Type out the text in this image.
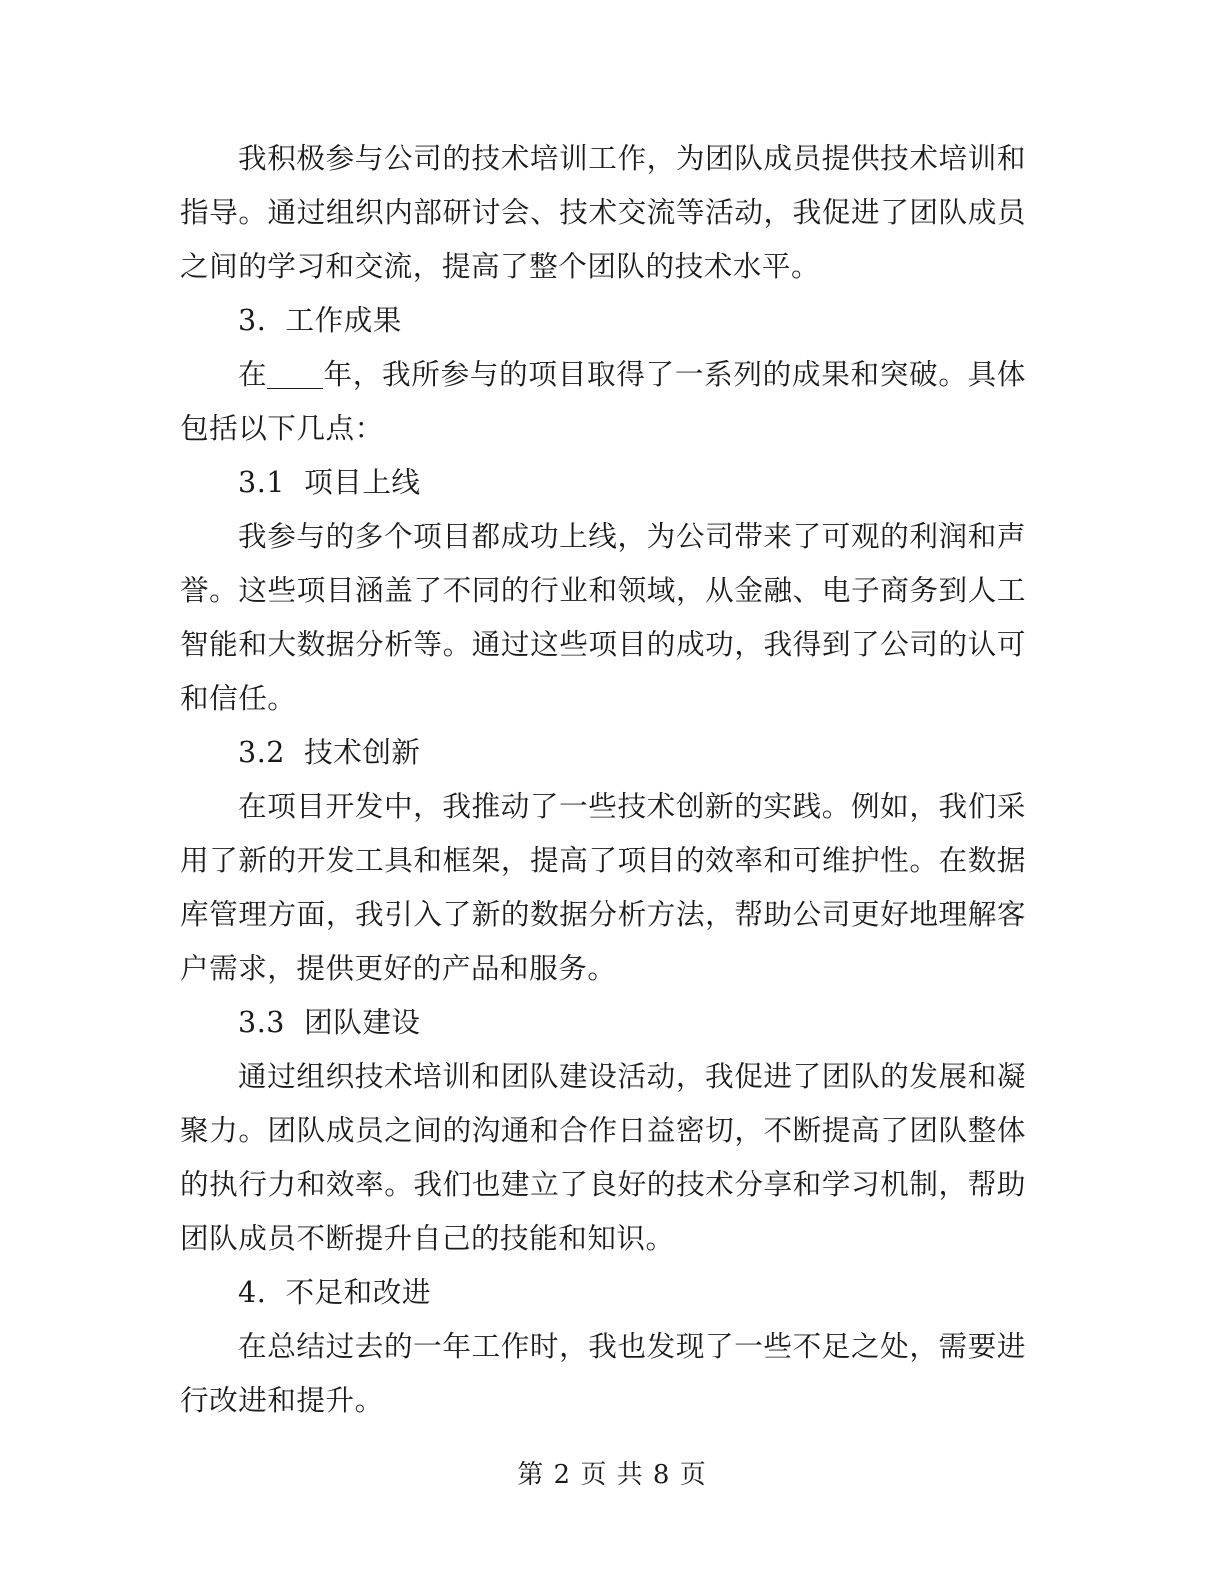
我积极参与公司的技术培训工作，为团队成员提供技术培训和指导。通过组织内部研讨会、技术交流等活动，我促进了团队成员之间的学习和交流，提高了整个团队的技术水平。

3.  工作成果

在 年，我所参与的项目取得了一系列的成果和突破。具体包括以下几点：

3.1  项目上线

我参与的多个项目都成功上线，为公司带来了可观的利润和声誉。这些项目涵盖了不同的行业和领域，从金融、电子商务到人工智能和大数据分析等。通过这些项目的成功，我得到了公司的认可和信任。

3.2  技术创新

在项目开发中，我推动了一些技术创新的实践。例如，我们采用了新的开发工具和框架，提高了项目的效率和可维护性。在数据库管理方面，我引入了新的数据分析方法，帮助公司更好地理解客户需求，提供更好的产品和服务。

3.3  团队建设

通过组织技术培训和团队建设活动，我促进了团队的发展和凝聚力。团队成员之间的沟通和合作日益密切，不断提高了团队整体的执行力和效率。我们也建立了良好的技术分享和学习机制，帮助团队成员不断提升自己的技能和知识。

4.  不足和改进

在总结过去的一年工作时，我也发现了一些不足之处，需要进行改进和提升。

第 2 页 共 8 页
